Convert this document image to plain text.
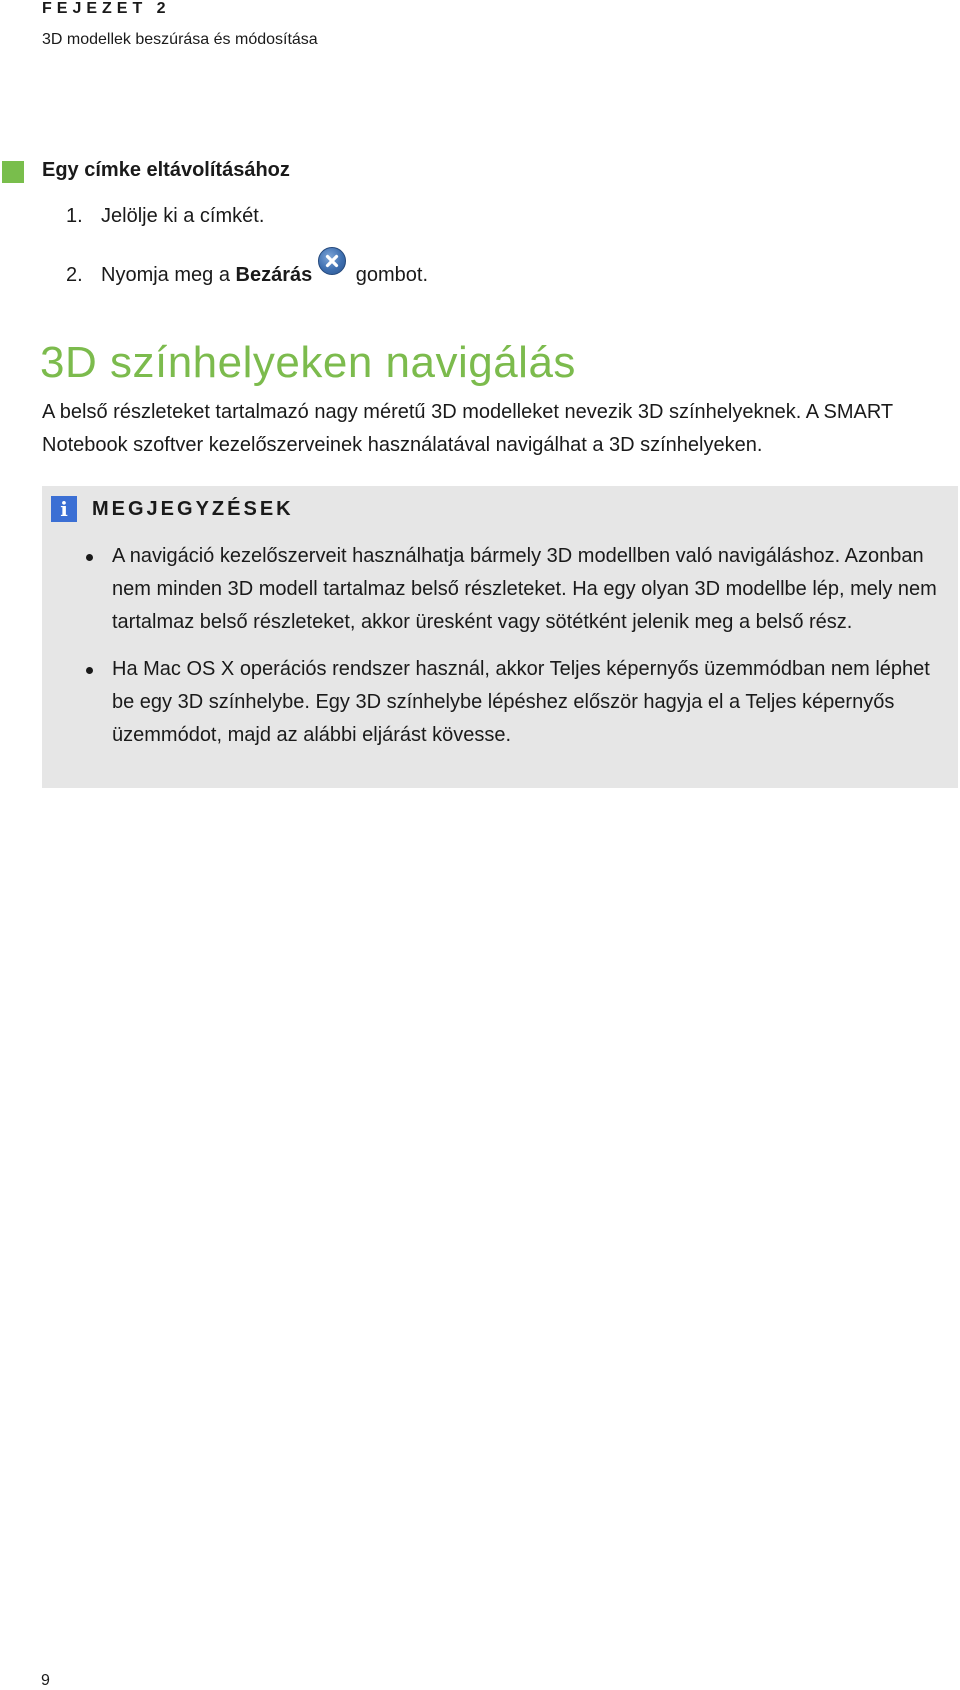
FEJEZET 2
3D modellek beszúrása és módosítása
Egy címke eltávolításához
1. Jelölje ki a címkét.
2. Nyomja meg a Bezárás
gombot.
3D színhelyeken navigálás
A belső részleteket tartalmazó nagy méretű 3D modelleket nevezik 3D színhelyeknek. A SMART Notebook szoftver kezelőszerveinek használatával navigálhat a 3D színhelyeken.
i	MEGJEGYZÉSEK
A navigáció kezelőszerveit használhatja bármely 3D modellben való navigáláshoz. Azonban nem minden 3D modell tartalmaz belső részleteket. Ha egy olyan 3D modellbe lép, mely nem tartalmaz belső részleteket, akkor üresként vagy sötétként jelenik meg a belső rész.
Ha Mac OS X operációs rendszer használ, akkor Teljes képernyős üzemmódban nem léphet be egy 3D színhelybe. Egy 3D színhelybe lépéshez először hagyja el a Teljes képernyős üzemmódot, majd az alábbi eljárást kövesse.
9
